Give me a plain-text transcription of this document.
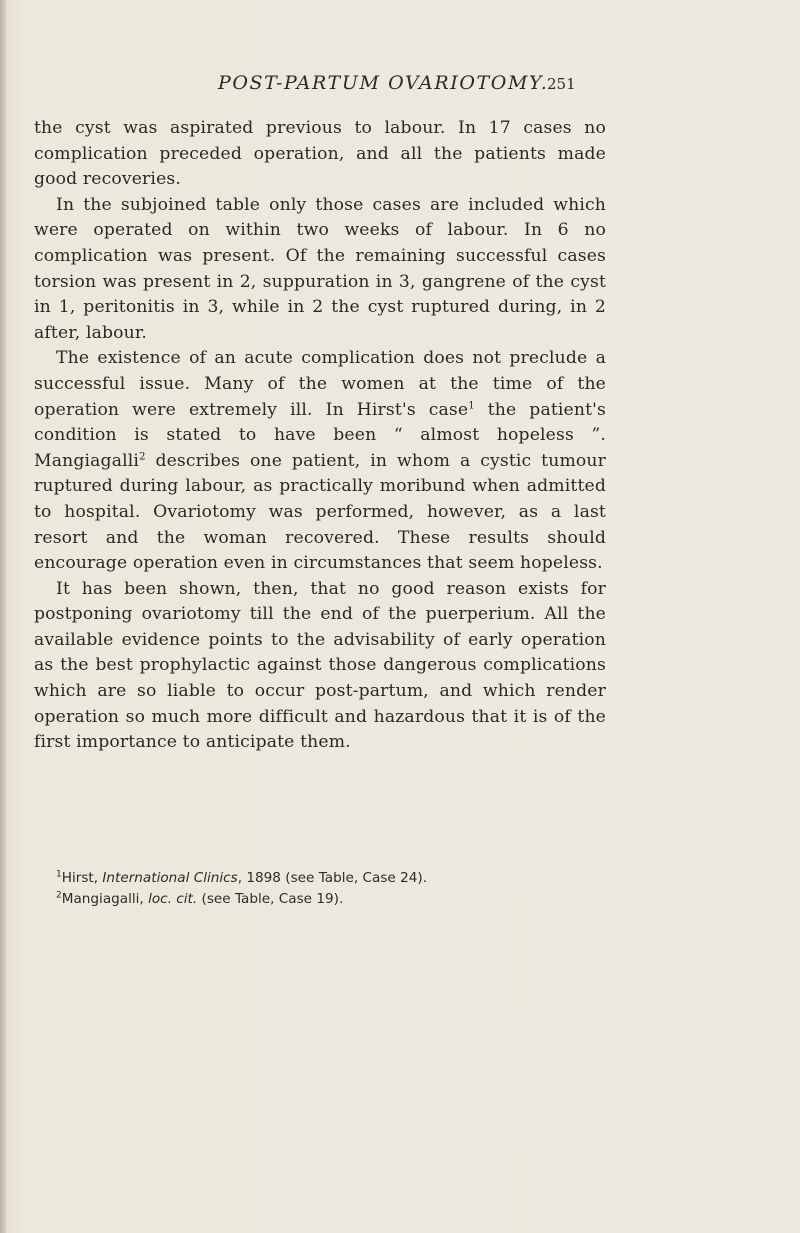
POST-PARTUM OVARIOTOMY.
251

the cyst was aspirated previous to labour. In 17 cases no complication preceded operation, and all the patients made good recoveries.

In the subjoined table only those cases are included which were operated on within two weeks of labour. In 6 no complication was present. Of the remaining successful cases torsion was present in 2, suppuration in 3, gangrene of the cyst in 1, peritonitis in 3, while in 2 the cyst ruptured during, in 2 after, labour.

The existence of an acute complication does not preclude a successful issue. Many of the women at the time of the operation were extremely ill. In Hirst's case$^1$ the patient's condition is stated to have been “ almost hopeless ”. Mangiagalli$^2$ describes one patient, in whom a cystic tumour ruptured during labour, as practically moribund when admitted to hospital. Ovariotomy was performed, however, as a last resort and the woman recovered. These results should encourage operation even in circumstances that seem hopeless.

It has been shown, then, that no good reason exists for postponing ovariotomy till the end of the puerperium. All the available evidence points to the advisability of early operation as the best prophylactic against those dangerous complications which are so liable to occur post-partum, and which render operation so much more difficult and hazardous that it is of the first importance to anticipate them.

$^1$Hirst, International Clinics, 1898 (see Table, Case 24).

$^2$Mangiagalli, loc. cit. (see Table, Case 19).
